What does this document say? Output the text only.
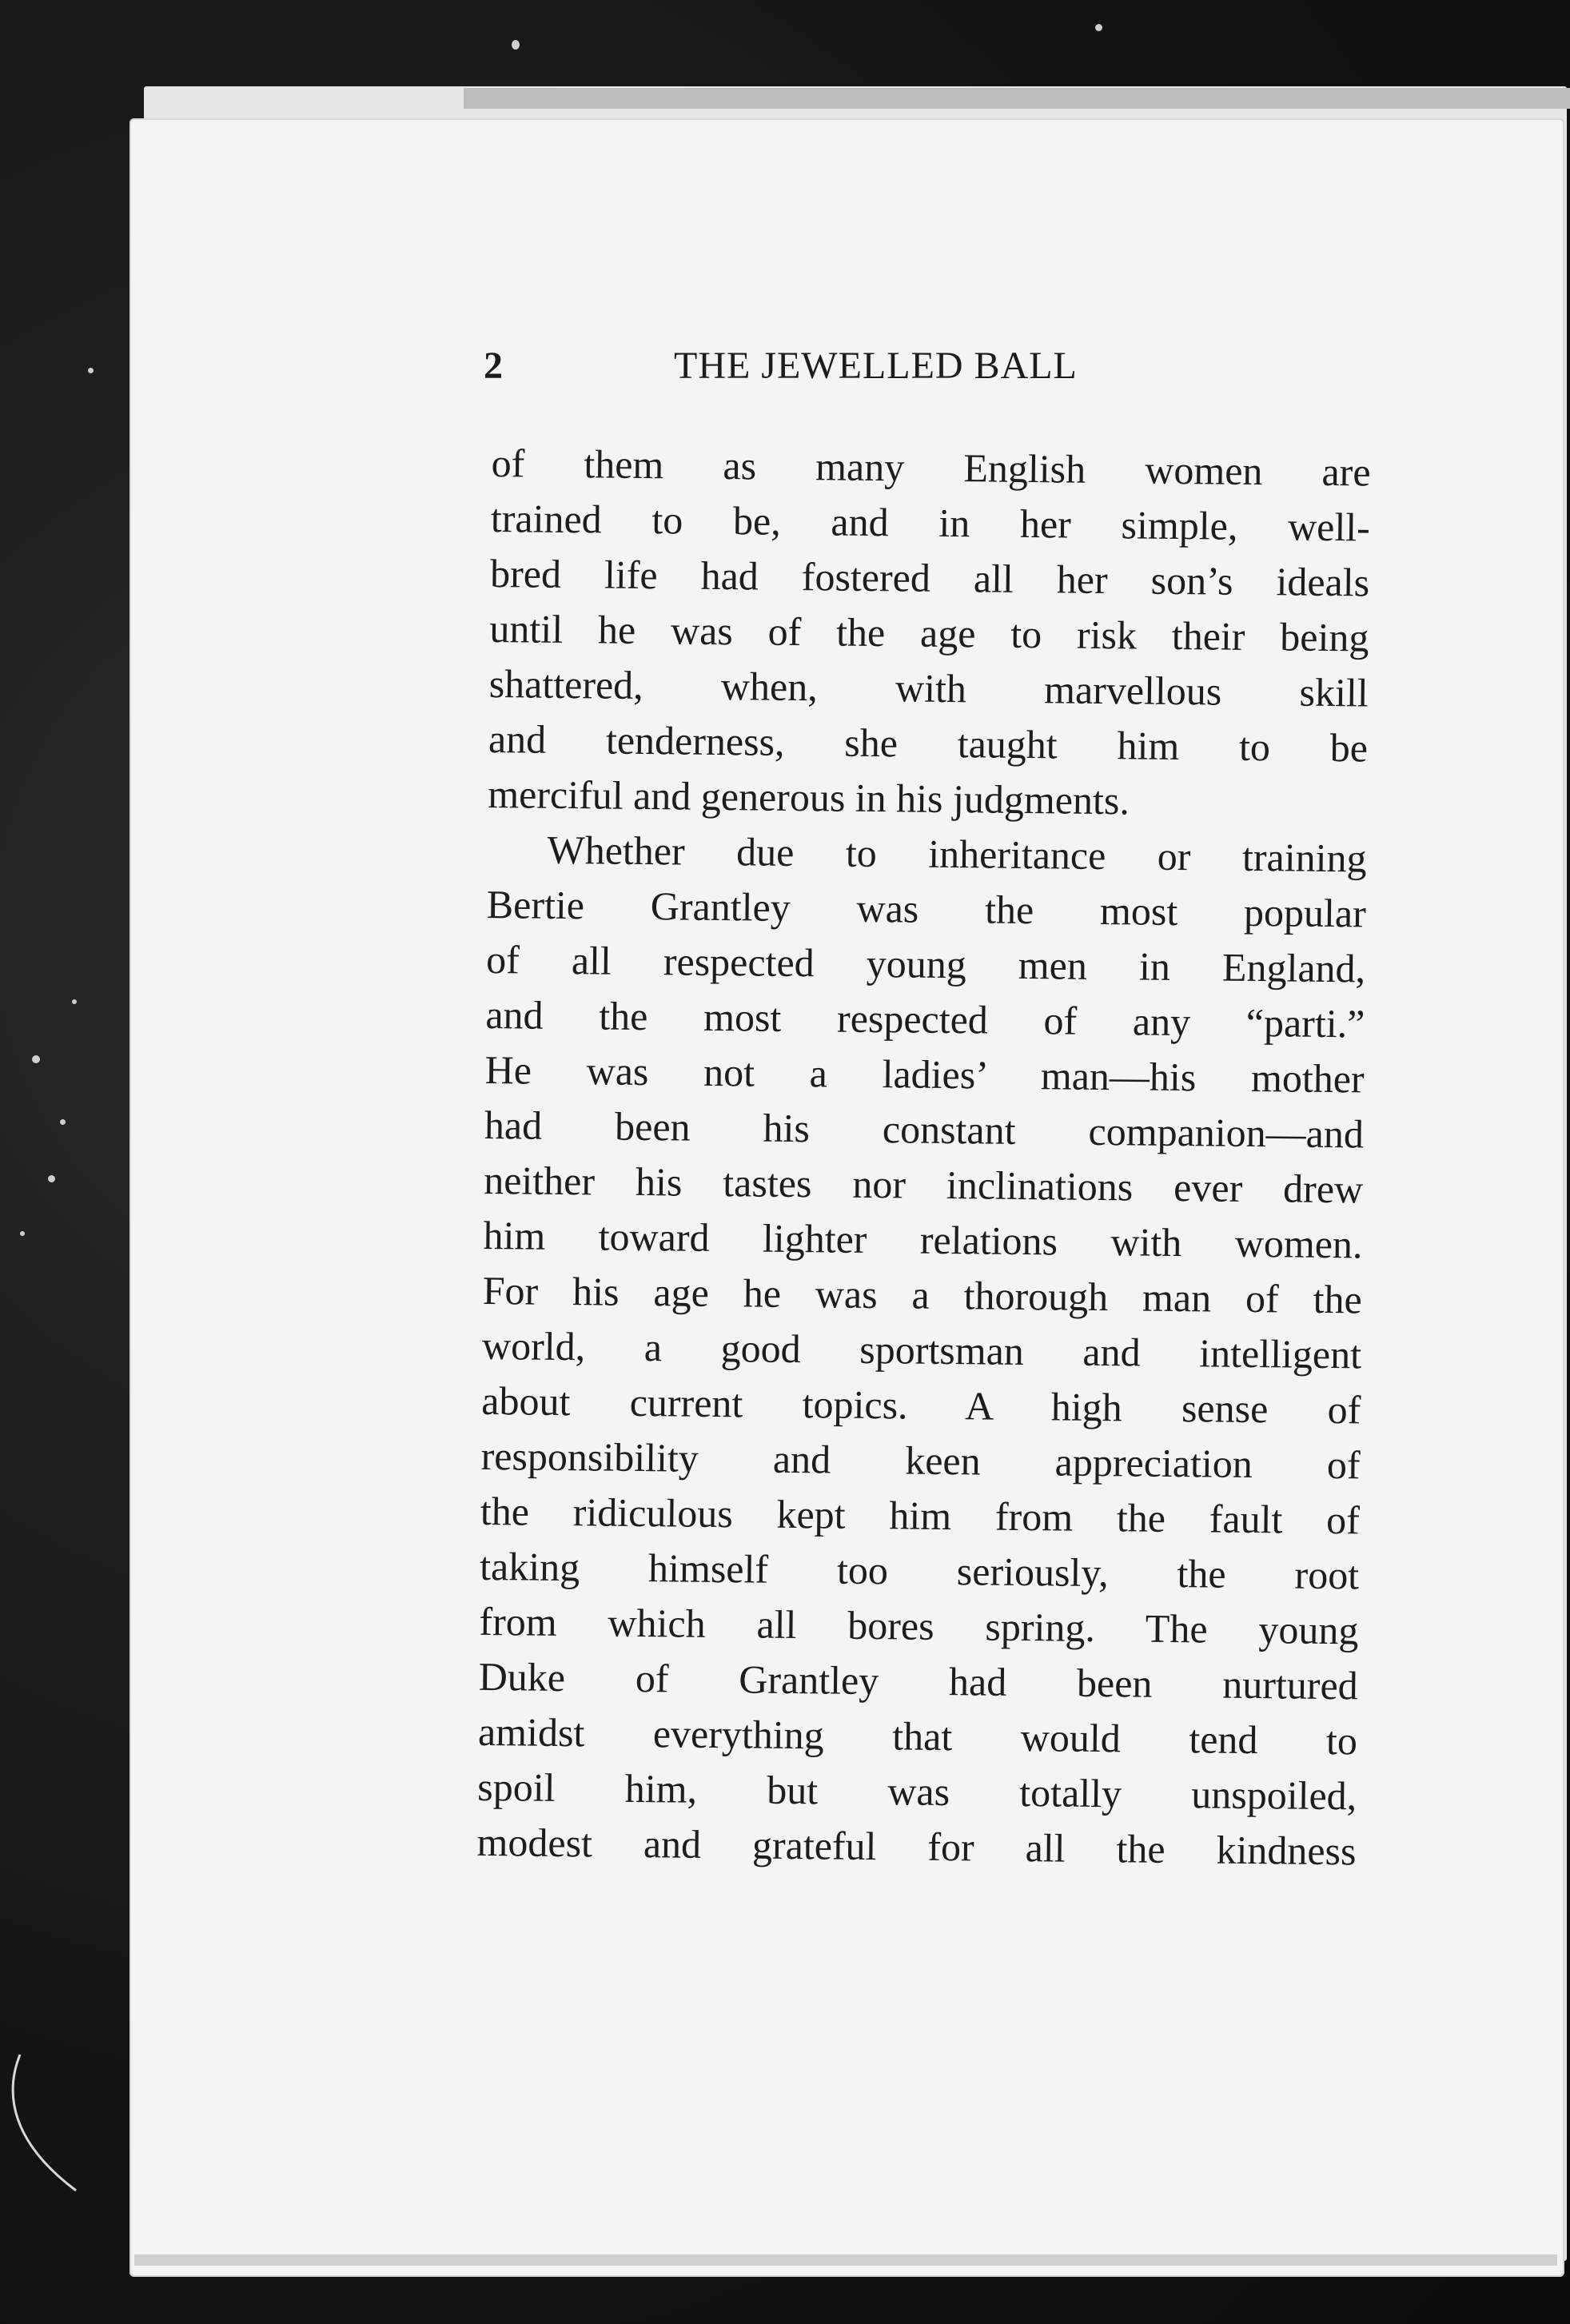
2	THE JEWELLED BALL
of them as many English women are
trained to be, and in her simple, well-
bred life had fostered all her son’s ideals
until he was of the age to risk their being
shattered, when, with marvellous skill
and tenderness, she taught him to be
merciful and generous in his judgments.
Whether due to inheritance or training
Bertie Grantley was the most popular
of all respected young men in England,
and the most respected of any “parti.”
He was not a ladies’ man—his mother
had been his constant companion—and
neither his tastes nor inclinations ever drew
him toward lighter relations with women.
For his age he was a thorough man of the
world, a good sportsman and intelligent
about current topics. A high sense of
responsibility and keen appreciation of
the ridiculous kept him from the fault of
taking himself too seriously, the root
from which all bores spring. The young
Duke of Grantley had been nurtured
amidst everything that would tend to
spoil him, but was totally unspoiled,
modest and grateful for all the kindness
